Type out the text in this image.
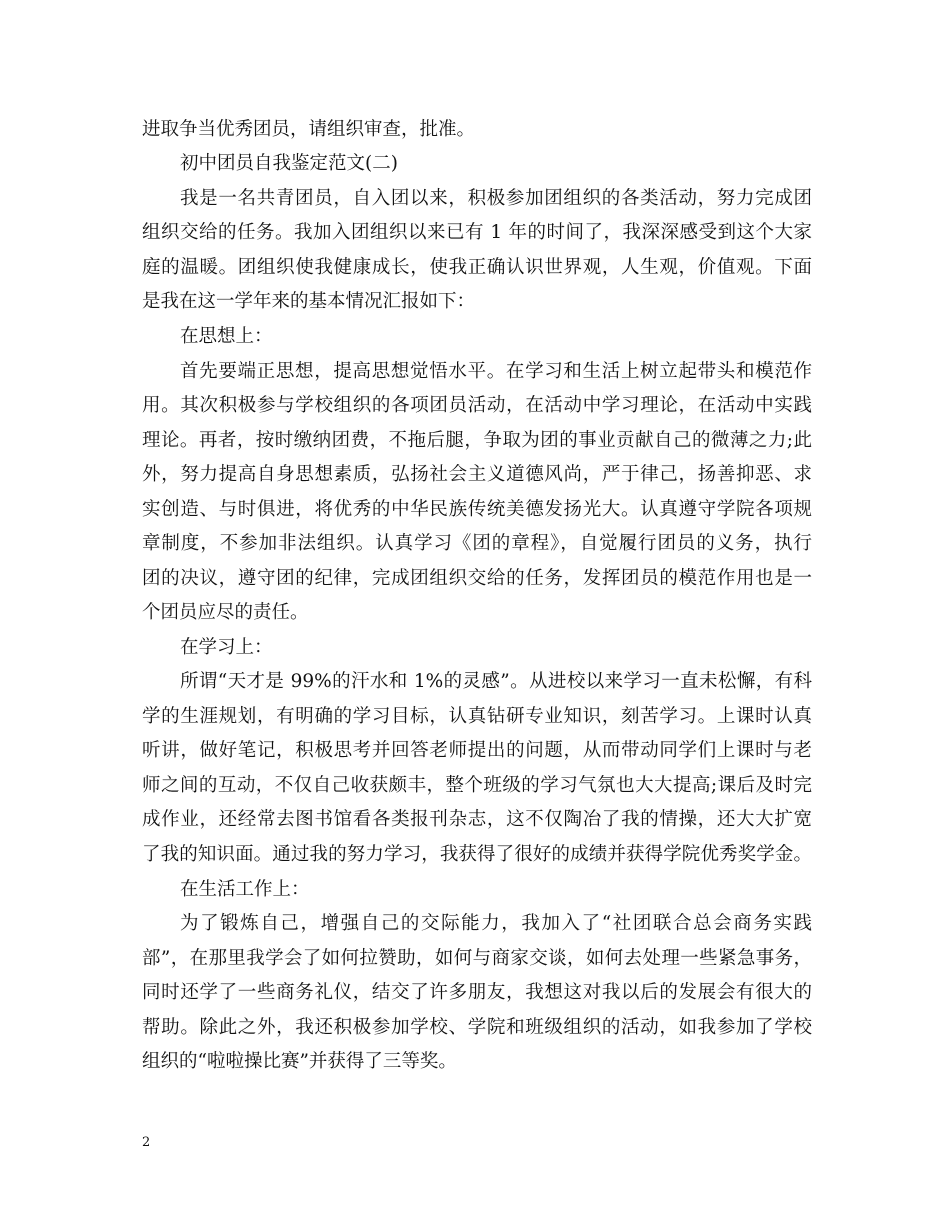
进取争当优秀团员，请组织审查，批准。
初中团员自我鉴定范文(二)
我是一名共青团员，自入团以来，积极参加团组织的各类活动，努力完成团
组织交给的任务。我加入团组织以来已有 1 年的时间了，我深深感受到这个大家
庭的温暖。团组织使我健康成长，使我正确认识世界观，人生观，价值观。下面
是我在这一学年来的基本情况汇报如下：
在思想上：
首先要端正思想，提高思想觉悟水平。在学习和生活上树立起带头和模范作
用。其次积极参与学校组织的各项团员活动，在活动中学习理论，在活动中实践
理论。再者，按时缴纳团费，不拖后腿，争取为团的事业贡献自己的微薄之力;此
外，努力提高自身思想素质，弘扬社会主义道德风尚，严于律己，扬善抑恶、求
实创造、与时俱进，将优秀的中华民族传统美德发扬光大。认真遵守学院各项规
章制度，不参加非法组织。认真学习《团的章程》，自觉履行团员的义务，执行
团的决议，遵守团的纪律，完成团组织交给的任务，发挥团员的模范作用也是一
个团员应尽的责任。
在学习上：
所谓“天才是 99%的汗水和 1%的灵感”。从进校以来学习一直未松懈，有科
学的生涯规划，有明确的学习目标，认真钻研专业知识，刻苦学习。上课时认真
听讲，做好笔记，积极思考并回答老师提出的问题，从而带动同学们上课时与老
师之间的互动，不仅自己收获颇丰，整个班级的学习气氛也大大提高;课后及时完
成作业，还经常去图书馆看各类报刊杂志，这不仅陶冶了我的情操，还大大扩宽
了我的知识面。通过我的努力学习，我获得了很好的成绩并获得学院优秀奖学金。
在生活工作上：
为了锻炼自己，增强自己的交际能力，我加入了“社团联合总会商务实践
部”，在那里我学会了如何拉赞助，如何与商家交谈，如何去处理一些紧急事务，
同时还学了一些商务礼仪，结交了许多朋友，我想这对我以后的发展会有很大的
帮助。除此之外，我还积极参加学校、学院和班级组织的活动，如我参加了学校
组织的“啦啦操比赛”并获得了三等奖。
2
